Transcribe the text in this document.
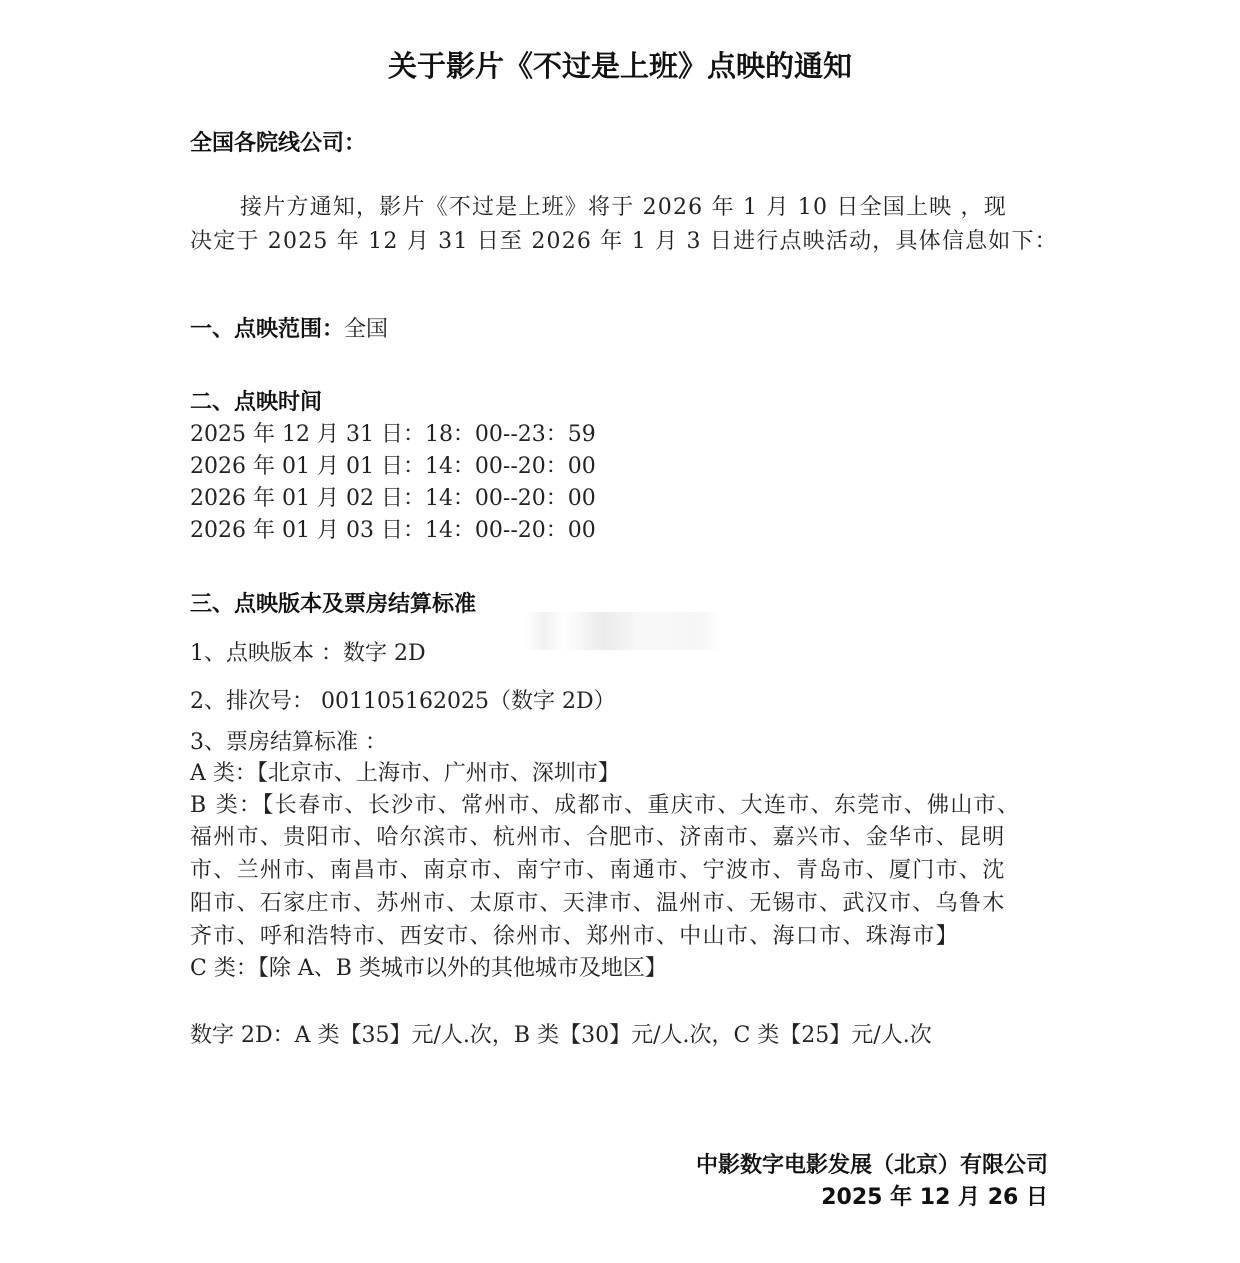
关于影片《不过是上班》点映的通知
全国各院线公司：
接片方通知，影片《不过是上班》将于 2026 年 1 月 10 日全国上映 ，现
决定于 2025 年 12 月 31 日至 2026 年 1 月 3 日进行点映活动，具体信息如下：
一、点映范围：全国
二、点映时间
2025 年 12 月 31 日：18：00--23：59
2026 年 01 月 01 日：14：00--20：00
2026 年 01 月 02 日：14：00--20：00
2026 年 01 月 03 日：14：00--20：00
三、点映版本及票房结算标准
1、点映版本 ：数字 2D
2、排次号： 001105162025（数字 2D）
3、票房结算标准 ：
A 类：【北京市、上海市、广州市、深圳市】
B 类：【长春市、长沙市、常州市、成都市、重庆市、大连市、东莞市、佛山市、
福州市、贵阳市、哈尔滨市、杭州市、合肥市、济南市、嘉兴市、金华市、昆明
市、兰州市、南昌市、南京市、南宁市、南通市、宁波市、青岛市、厦门市、沈
阳市、石家庄市、苏州市、太原市、天津市、温州市、无锡市、武汉市、乌鲁木
齐市、呼和浩特市、西安市、徐州市、郑州市、中山市、海口市、珠海市】
C 类：【除 A、B 类城市以外的其他城市及地区】
数字 2D：A 类【35】元/人.次，B 类【30】元/人.次，C 类【25】元/人.次
中影数字电影发展（北京）有限公司
2025 年 12 月 26 日
